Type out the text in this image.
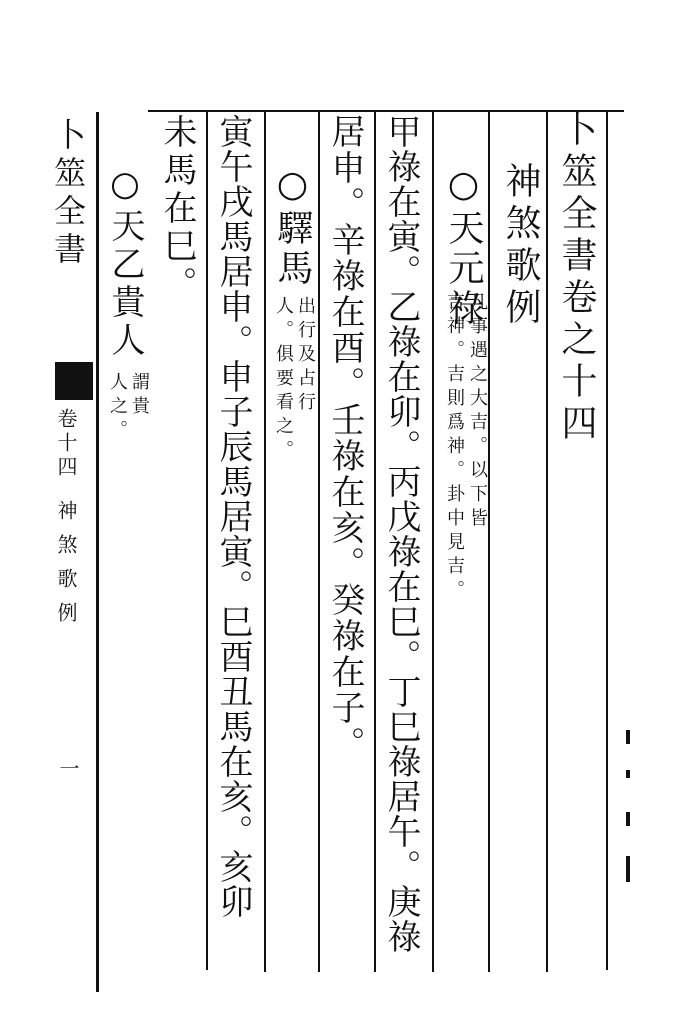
卜筮全書
卷十四
神煞歌例
一
卜筮全書卷之十四
神煞歌例
○天元祿
凡事遇之大吉。以下皆
吉神。吉則爲神。卦中見吉。
甲祿在寅。乙祿在卯。丙戊祿在巳。丁巳祿居午。庚祿
居申。辛祿在酉。壬祿在亥。癸祿在子。
○驛馬
出行及占行
人。俱要看之。
寅午戌馬居申。申子辰馬居寅。巳酉丑馬在亥。亥卯
未馬在巳。
○天乙貴人
謂貴
人之。
